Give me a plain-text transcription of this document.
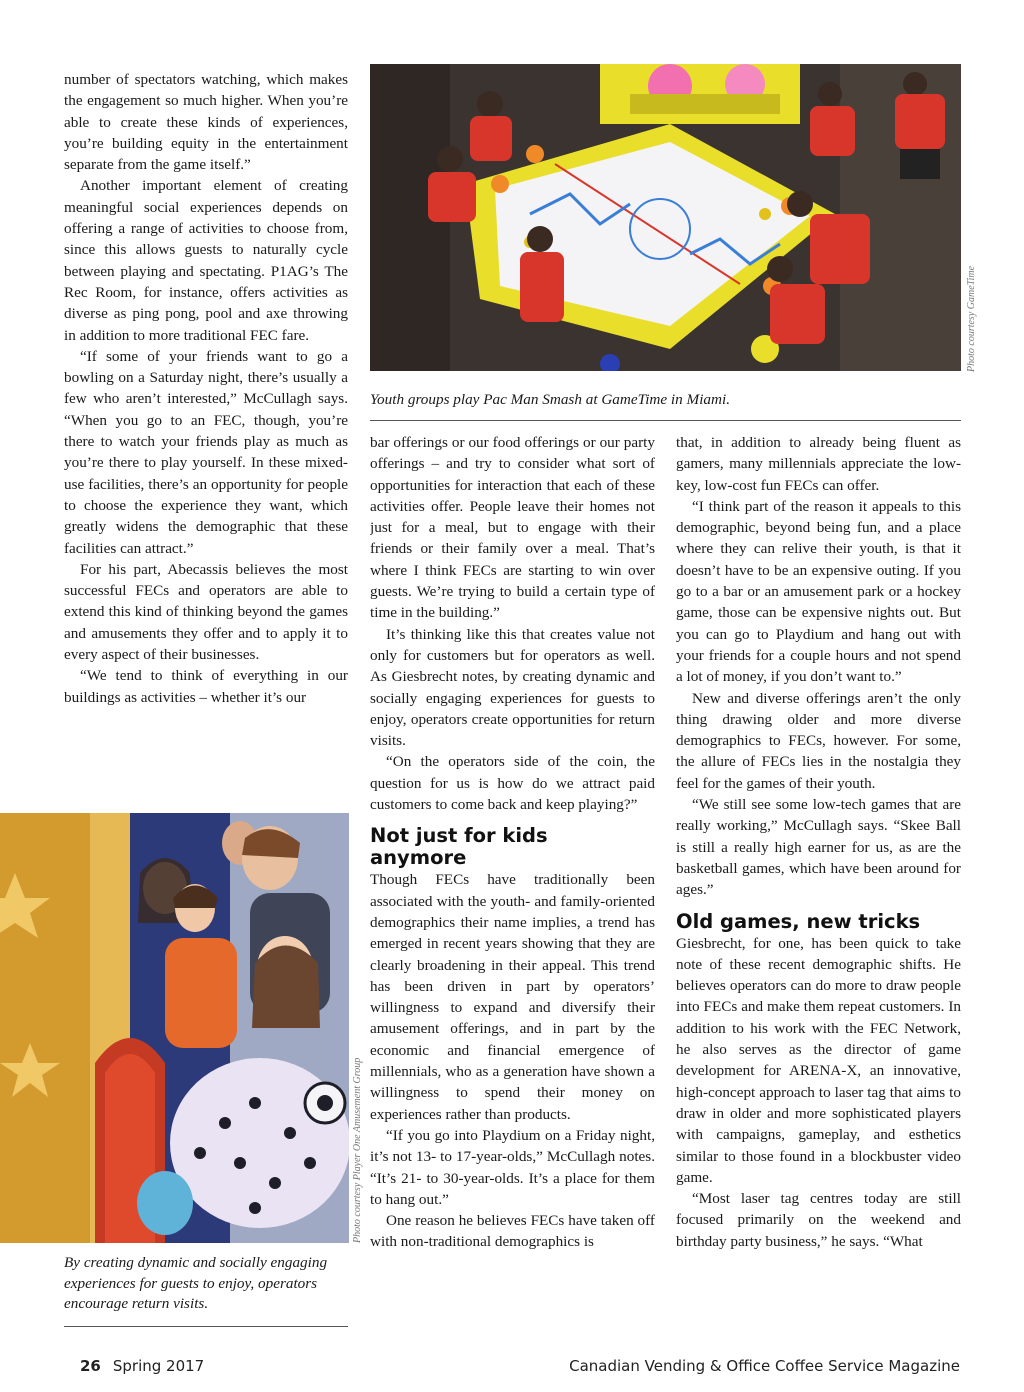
number of spectators watching, which makes the engagement so much higher. When you’re able to create these kinds of experiences, you’re building equity in the entertainment separate from the game itself.”

Another important element of creating meaningful social experiences depends on offering a range of activities to choose from, since this allows guests to naturally cycle between playing and spectating. P1AG’s The Rec Room, for instance, offers activities as diverse as ping pong, pool and axe throwing in addition to more traditional FEC fare.

“If some of your friends want to go a bowling on a Saturday night, there’s usually a few who aren’t interested,” McCullagh says. “When you go to an FEC, though, you’re there to watch your friends play as much as you’re there to play yourself. In these mixed-use facilities, there’s an opportunity for people to choose the experience they want, which greatly widens the demographic that these facilities can attract.”

For his part, Abecassis believes the most successful FECs and operators are able to extend this kind of thinking beyond the games and amusements they offer and to apply it to every aspect of their businesses.

“We tend to think of everything in our buildings as activities – whether it’s our

Photo courtesy GameTime
Youth groups play Pac Man Smash at GameTime in Miami.

bar offerings or our food offerings or our party offerings – and try to consider what sort of opportunities for interaction that each of these activities offer. People leave their homes not just for a meal, but to engage with their friends or their family over a meal. That’s where I think FECs are starting to win over guests. We’re trying to build a certain type of time in the building.”

It’s thinking like this that creates value not only for customers but for operators as well. As Giesbrecht notes, by creating dynamic and socially engaging experiences for guests to enjoy, operators create opportunities for return visits.

“On the operators side of the coin, the question for us is how do we attract paid customers to come back and keep playing?”

Not just for kids anymore

Though FECs have traditionally been associated with the youth- and family-oriented demographics their name implies, a trend has emerged in recent years showing that they are clearly broadening in their appeal. This trend has been driven in part by operators’ willingness to expand and diversify their amusement offerings, and in part by the economic and financial emergence of millennials, who as a generation have shown a willingness to spend their money on experiences rather than products.

“If you go into Playdium on a Friday night, it’s not 13- to 17-year-olds,” McCullagh notes. “It’s 21- to 30-year-olds. It’s a place for them to hang out.”

One reason he believes FECs have taken off with non-traditional demographics is

that, in addition to already being fluent as gamers, many millennials appreciate the low-key, low-cost fun FECs can offer.

“I think part of the reason it appeals to this demographic, beyond being fun, and a place where they can relive their youth, is that it doesn’t have to be an expensive outing. If you go to a bar or an amusement park or a hockey game, those can be expensive nights out. But you can go to Playdium and hang out with your friends for a couple hours and not spend a lot of money, if you don’t want to.”

New and diverse offerings aren’t the only thing drawing older and more diverse demographics to FECs, however. For some, the allure of FECs lies in the nostalgia they feel for the games of their youth.

“We still see some low-tech games that are really working,” McCullagh says. “Skee Ball is still a really high earner for us, as are the basketball games, which have been around for ages.”

Old games, new tricks

Giesbrecht, for one, has been quick to take note of these recent demographic shifts. He believes operators can do more to draw people into FECs and make them repeat customers. In addition to his work with the FEC Network, he also serves as the director of game development for ARENA-X, an innovative, high-concept approach to laser tag that aims to draw in older and more sophisticated players with campaigns, gameplay, and esthetics similar to those found in a blockbuster video game.

“Most laser tag centres today are still focused primarily on the weekend and birthday party business,” he says. “What

Photo courtesy Player One Amusement Group
By creating dynamic and socially engaging experiences for guests to enjoy, operators encourage return visits.
26 Spring 2017	Canadian Vending & Office Coffee Service Magazine
